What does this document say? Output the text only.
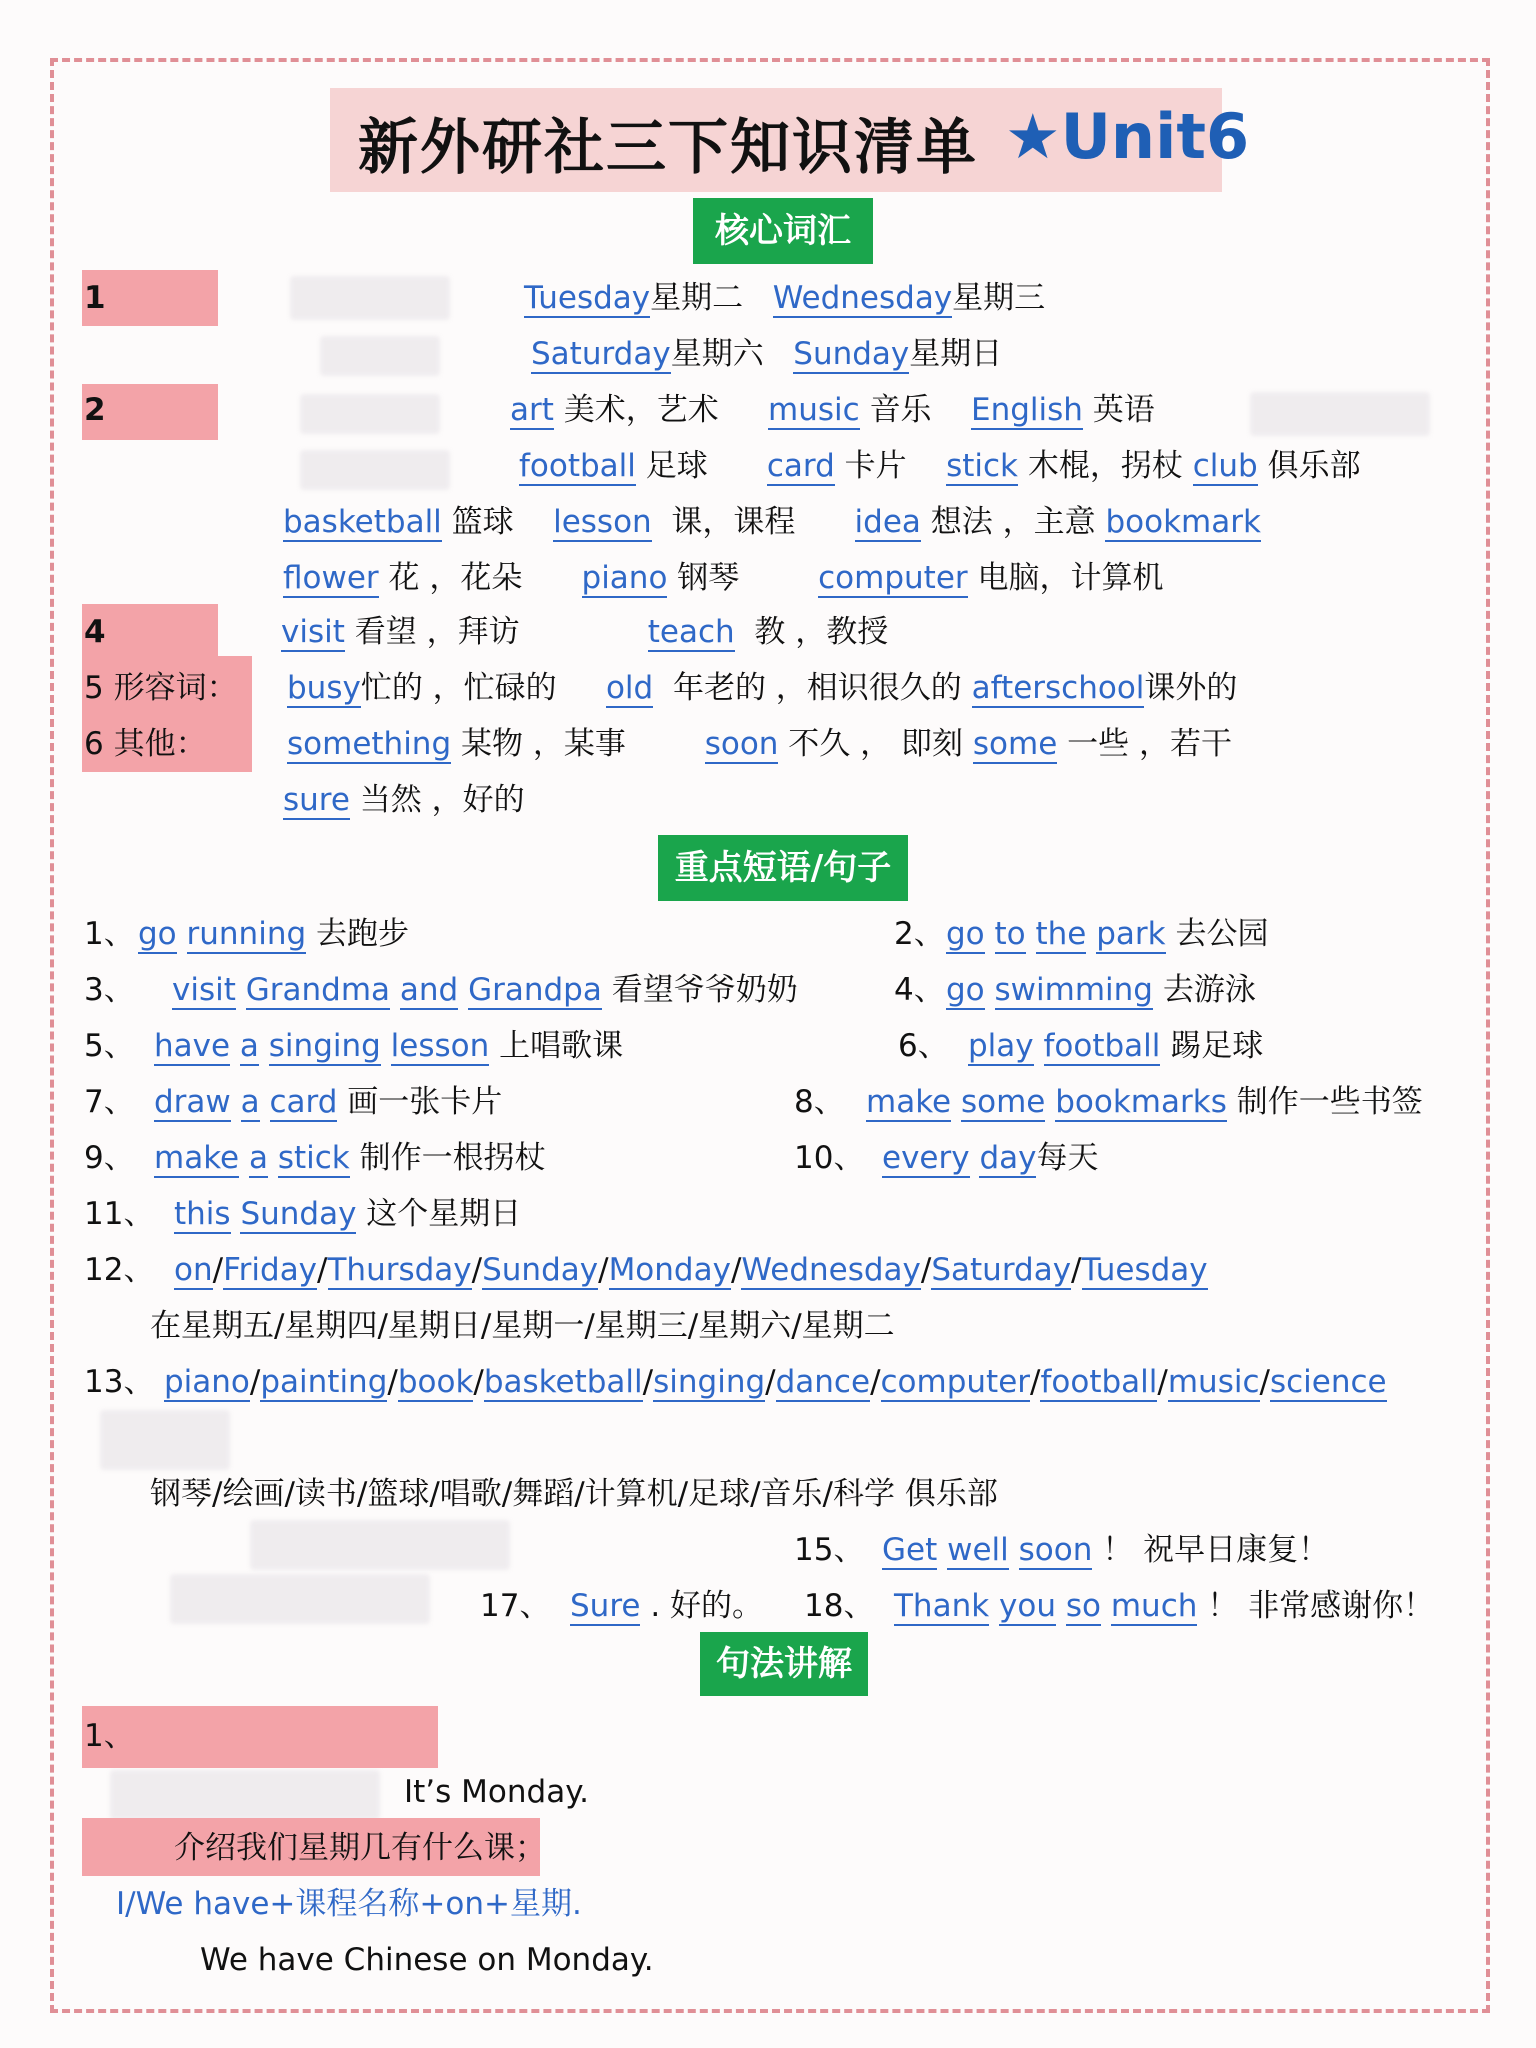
新外研社三下知识清单 ★Unit6
核心词汇
1	Tuesday星期二 Wednesday星期三
Saturday星期六 Sunday星期日
2	art 美术，艺术 music 音乐 English 英语
football 足球 card 卡片 stick 木棍，拐杖 club 俱乐部
basketball 篮球 lesson 课，课程 idea 想法 ，主意 bookmark
flower 花 ，花朵 piano 钢琴	computer 电脑，计算机
4	visit 看望 ，拜访	teach 教 ，教授
5 形容词： busy忙的 ，忙碌的 old 年老的 ，相识很久的 afterschool课外的
6 其他：	something 某物 ，某事	soon 不久 ， 即刻 some 一些 ，若干
sure 当然 ，好的
重点短语/句子
1、 go running 去跑步	2、 go to the park 去公园
3、 visit Grandma and Grandpa 看望爷爷奶奶	4、 go swimming 去游泳
5、 have a singing lesson 上唱歌课	6、 play football 踢足球
7、 draw a card 画一张卡片	8、 make some bookmarks 制作一些书签
9、 make a stick 制作一根拐杖	10、 every day每天
11、 this Sunday 这个星期日
12、
在星期五/星期四/星期日/星期一/星期三/星期六/星期二
on/Friday/Thursday/Sunday/Monday/Wednesday/Saturday/Tuesday
13、
钢琴/绘画/读书/篮球/唱歌/舞蹈/计算机/足球/音乐/科学 俱乐部
piano/painting/book/basketball/singing/dance/computer/football/music/science
15、 Get well soon ！ 祝早日康复！
17、 Sure . 好的。 18、 Thank you so much ！ 非常感谢你！
句法讲解
1、
It’s Monday.
介绍我们星期几有什么课；
I/We have+课程名称+on+星期.
We have Chinese on Monday.
